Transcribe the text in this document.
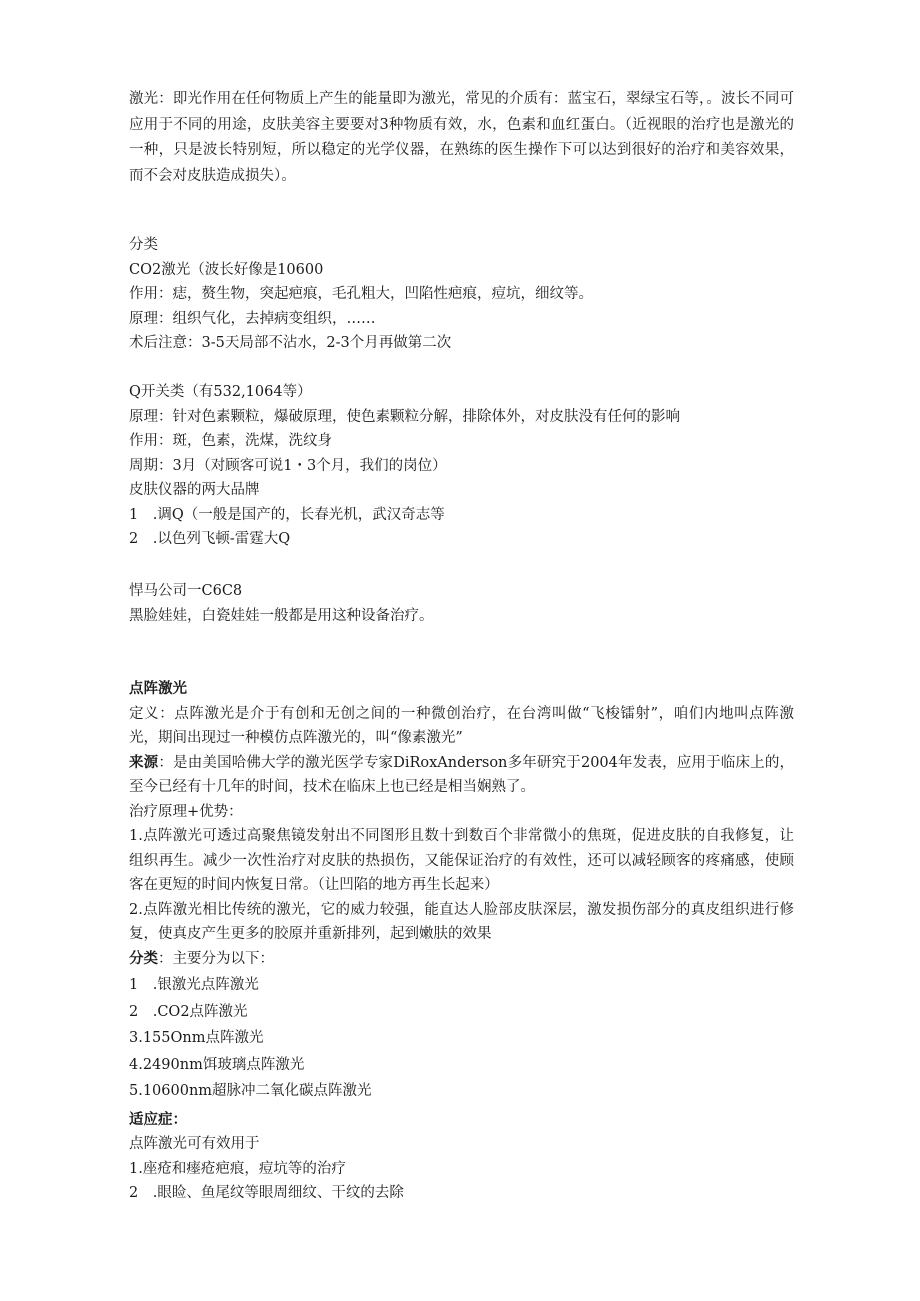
激光：即光作用在任何物质上产生的能量即为激光，常见的介质有：蓝宝石，翠绿宝石等，。波长不同可应用于不同的用途，皮肤美容主要要对3种物质有效，水，色素和血红蛋白。（近视眼的治疗也是激光的一种，只是波长特别短，所以稳定的光学仪器，在熟练的医生操作下可以达到很好的治疗和美容效果，而不会对皮肤造成损失）。

分类
CO2激光（波长好像是10600
作用：痣，赘生物，突起疤痕，毛孔粗大，凹陷性疤痕，痘坑，细纹等。
原理：组织气化，去掉病变组织，……
术后注意：3-5天局部不沾水，2-3个月再做第二次
Q开关类（有532,1064等）
原理：针对色素颗粒，爆破原理，使色素颗粒分解，排除体外，对皮肤没有任何的影响
作用：斑，色素，洗煤，洗纹身
周期：3月（对顾客可说1・3个月，我们的岗位）
皮肤仪器的两大品牌
1　.调Q（一般是国产的，长春光机，武汉奇志等
2　.以色列飞顿-雷霆大Q
悍马公司一C6C8
黑脸娃娃，白瓷娃娃一般都是用这种设备治疗。
点阵激光
定义：点阵激光是介于有创和无创之间的一种微创治疗，在台湾叫做“飞梭镭射”，咱们内地叫点阵激光，期间出现过一种模仿点阵激光的，叫“像素激光”
来源：是由美国哈佛大学的激光医学专家DiRoxAnderson多年研究于2004年发表，应用于临床上的，至今已经有十几年的时间，技术在临床上也已经是相当娴熟了。
治疗原理+优势：
1.点阵激光可透过高聚焦镜发射出不同图形且数十到数百个非常微小的焦斑，促进皮肤的自我修复，让组织再生。减少一次性治疗对皮肤的热损伤，又能保证治疗的有效性，还可以减轻顾客的疼痛感，使顾客在更短的时间内恢复日常。（让凹陷的地方再生长起来）
2.点阵激光相比传统的激光，它的威力较强，能直达人脸部皮肤深层，激发损伤部分的真皮组织进行修复，使真皮产生更多的胶原并重新排列，起到嫩肤的效果
分类：主要分为以下：
1　.银激光点阵激光
2　.CO2点阵激光
3.155Onm点阵激光
4.2490nm饵玻璃点阵激光
5.10600nm超脉冲二氧化碳点阵激光
适应症：
点阵激光可有效用于
1.座疮和瘗疮疤痕，痘坑等的治疗
2　.眼睑、鱼尾纹等眼周细纹、干纹的去除
